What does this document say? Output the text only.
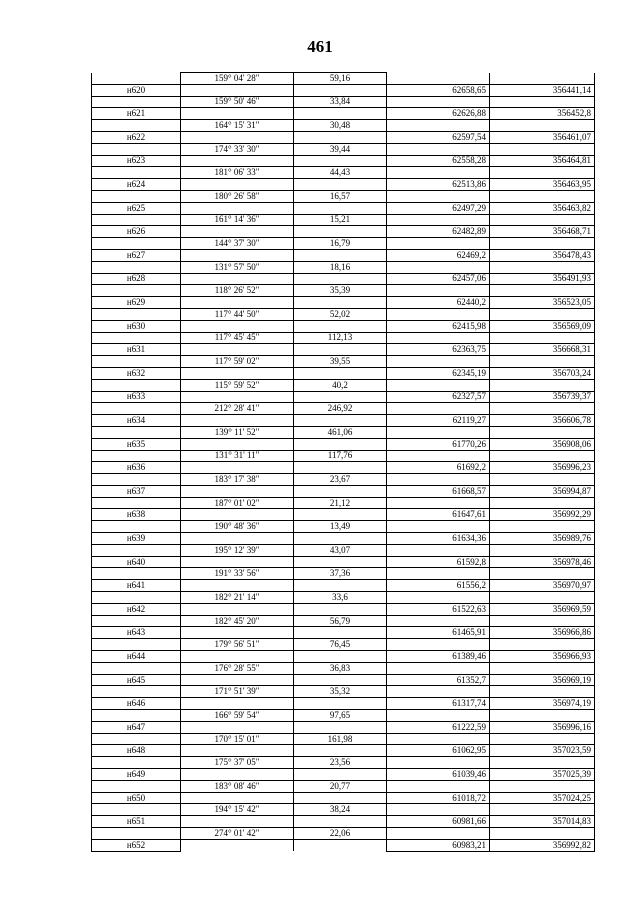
461
	159° 04' 28"	59,16		
н620			62658,65	356441,14
	159° 50' 46"	33,84		
н621			62626,88	356452,8
	164° 15' 31"	30,48		
н622			62597,54	356461,07
	174° 33' 30"	39,44		
н623			62558,28	356464,81
	181° 06' 33"	44,43		
н624			62513,86	356463,95
	180° 26' 58"	16,57		
н625			62497,29	356463,82
	161° 14' 36"	15,21		
н626			62482,89	356468,71
	144° 37' 30"	16,79		
н627			62469,2	356478,43
	131° 57' 50"	18,16		
н628			62457,06	356491,93
	118° 26' 52"	35,39		
н629			62440,2	356523,05
	117° 44' 50"	52,02		
н630			62415,98	356569,09
	117° 45' 45"	112,13		
н631			62363,75	356668,31
	117° 59' 02"	39,55		
н632			62345,19	356703,24
	115° 59' 52"	40,2		
н633			62327,57	356739,37
	212° 28' 41"	246,92		
н634			62119,27	356606,78
	139° 11' 52"	461,06		
н635			61770,26	356908,06
	131° 31' 11"	117,76		
н636			61692,2	356996,23
	183° 17' 38"	23,67		
н637			61668,57	356994,87
	187° 01' 02"	21,12		
н638			61647,61	356992,29
	190° 48' 36"	13,49		
н639			61634,36	356989,76
	195° 12' 39"	43,07		
н640			61592,8	356978,46
	191° 33' 56"	37,36		
н641			61556,2	356970,97
	182° 21' 14"	33,6		
н642			61522,63	356969,59
	182° 45' 20"	56,79		
н643			61465,91	356966,86
	179° 56' 51"	76,45		
н644			61389,46	356966,93
	176° 28' 55"	36,83		
н645			61352,7	356969,19
	171° 51' 39"	35,32		
н646			61317,74	356974,19
	166° 59' 54"	97,65		
н647			61222,59	356996,16
	170° 15' 01"	161,98		
н648			61062,95	357023,59
	175° 37' 05"	23,56		
н649			61039,46	357025,39
	183° 08' 46"	20,77		
н650			61018,72	357024,25
	194° 15' 42"	38,24		
н651			60981,66	357014,83
	274° 01' 42"	22,06		
н652			60983,21	356992,82
